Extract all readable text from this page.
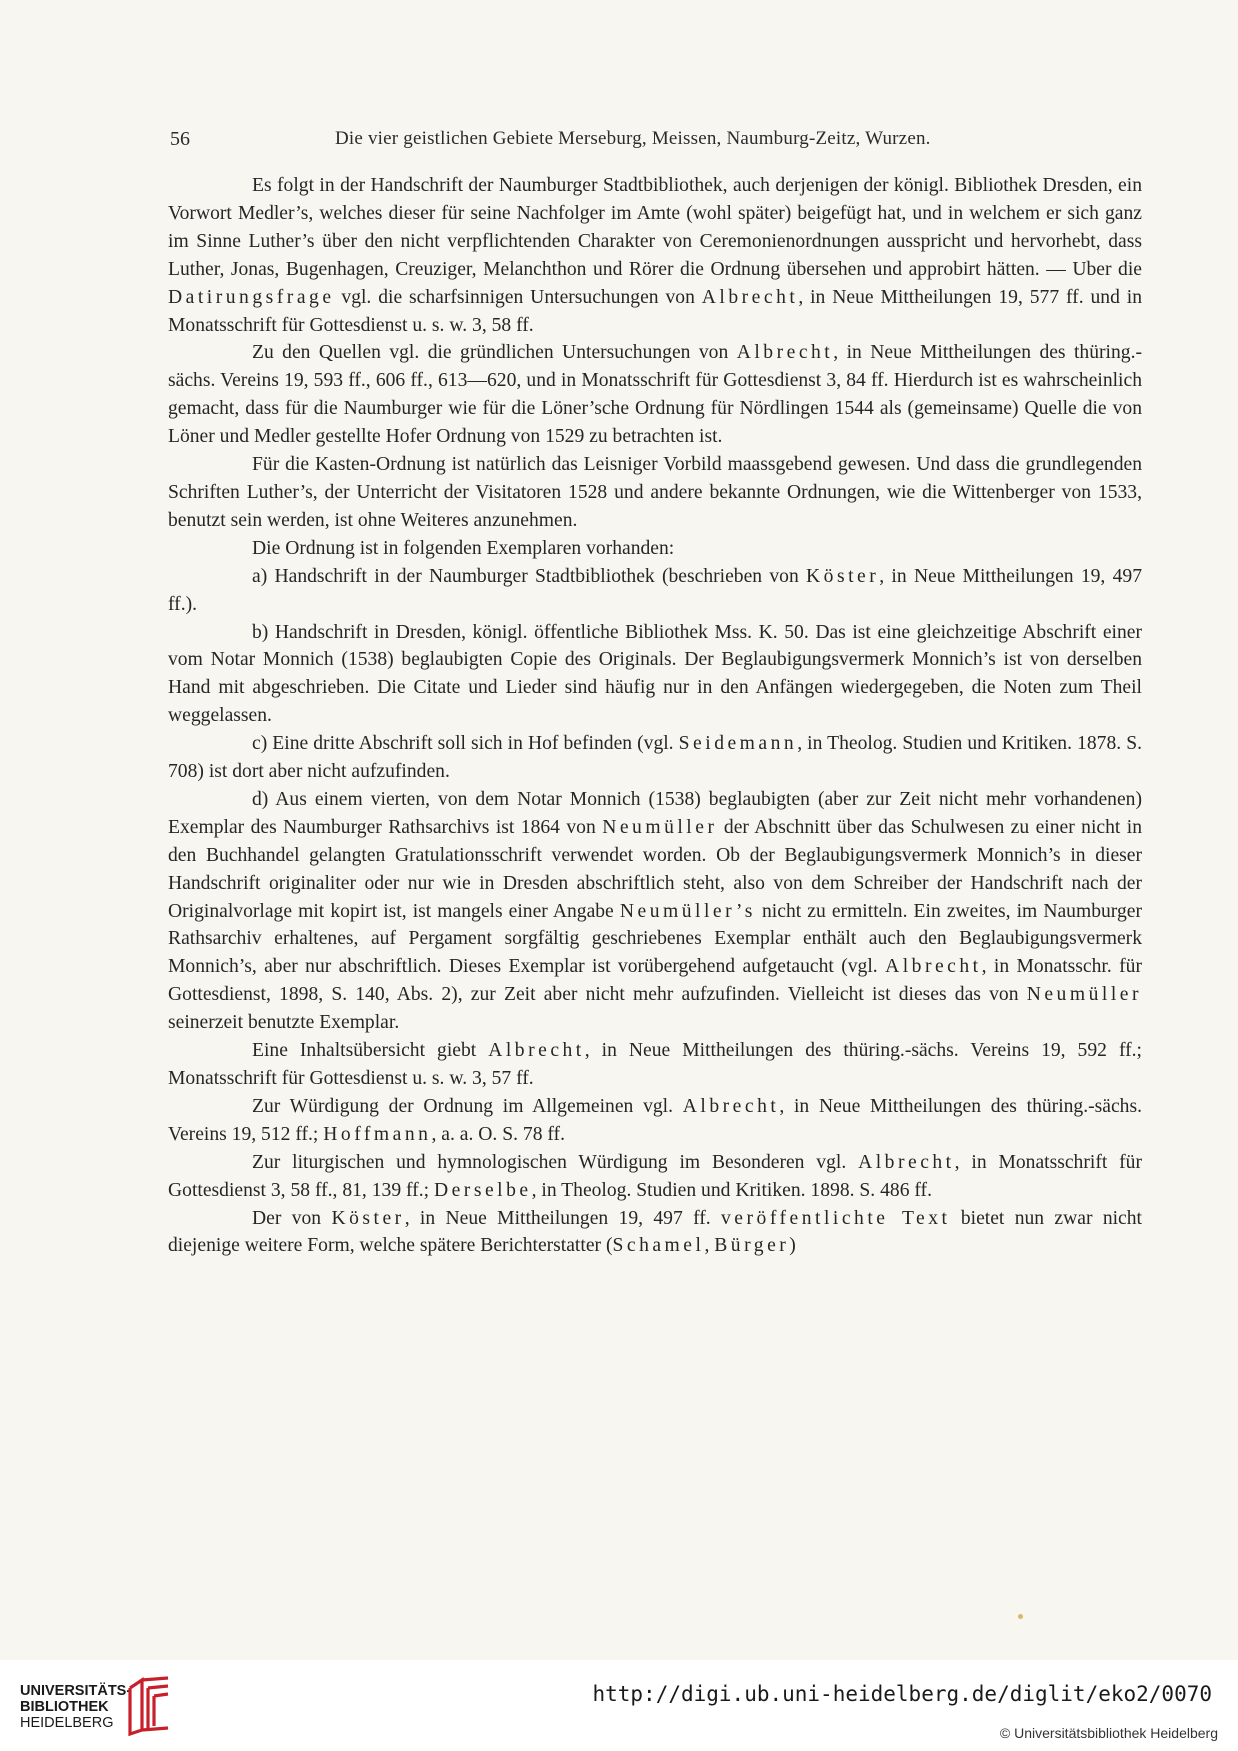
56	Die vier geistlichen Gebiete Merseburg, Meissen, Naumburg-Zeitz, Wurzen.

Es folgt in der Handschrift der Naumburger Stadtbibliothek, auch derjenigen der königl. Bibliothek Dresden, ein Vorwort Medler’s, welches dieser für seine Nachfolger im Amte (wohl später) beigefügt hat, und in welchem er sich ganz im Sinne Luther’s über den nicht verpflichtenden Charakter von Ceremonienordnungen ausspricht und hervorhebt, dass Luther, Jonas, Bugenhagen, Creuziger, Melanchthon und Rörer die Ordnung übersehen und approbirt hätten. — Uber die Datirungsfrage vgl. die scharfsinnigen Untersuchungen von Albrecht, in Neue Mittheilungen 19, 577 ff. und in Monatsschrift für Gottesdienst u. s. w. 3, 58 ff.

Zu den Quellen vgl. die gründlichen Untersuchungen von Albrecht, in Neue Mittheilungen des thüring.-sächs. Vereins 19, 593 ff., 606 ff., 613—620, und in Monatsschrift für Gottesdienst 3, 84 ff. Hierdurch ist es wahrscheinlich gemacht, dass für die Naumburger wie für die Löner’sche Ordnung für Nördlingen 1544 als (gemeinsame) Quelle die von Löner und Medler gestellte Hofer Ordnung von 1529 zu betrachten ist.

Für die Kasten-Ordnung ist natürlich das Leisniger Vorbild maassgebend gewesen. Und dass die grundlegenden Schriften Luther’s, der Unterricht der Visitatoren 1528 und andere bekannte Ordnungen, wie die Wittenberger von 1533, benutzt sein werden, ist ohne Weiteres anzunehmen.

Die Ordnung ist in folgenden Exemplaren vorhanden:

a) Handschrift in der Naumburger Stadtbibliothek (beschrieben von Köster, in Neue Mittheilungen 19, 497 ff.).

b) Handschrift in Dresden, königl. öffentliche Bibliothek Mss. K. 50. Das ist eine gleichzeitige Abschrift einer vom Notar Monnich (1538) beglaubigten Copie des Originals. Der Beglaubigungsvermerk Monnich’s ist von derselben Hand mit abgeschrieben. Die Citate und Lieder sind häufig nur in den Anfängen wiedergegeben, die Noten zum Theil weggelassen.

c) Eine dritte Abschrift soll sich in Hof befinden (vgl. Seidemann, in Theolog. Studien und Kritiken. 1878. S. 708) ist dort aber nicht aufzufinden.

d) Aus einem vierten, von dem Notar Monnich (1538) beglaubigten (aber zur Zeit nicht mehr vorhandenen) Exemplar des Naumburger Rathsarchivs ist 1864 von Neumüller der Abschnitt über das Schulwesen zu einer nicht in den Buchhandel gelangten Gratulationsschrift verwendet worden. Ob der Beglaubigungsvermerk Monnich’s in dieser Handschrift originaliter oder nur wie in Dresden abschriftlich steht, also von dem Schreiber der Handschrift nach der Originalvorlage mit kopirt ist, ist mangels einer Angabe Neumüller’s nicht zu ermitteln. Ein zweites, im Naumburger Rathsarchiv erhaltenes, auf Pergament sorgfältig geschriebenes Exemplar enthält auch den Beglaubigungsvermerk Monnich’s, aber nur abschriftlich. Dieses Exemplar ist vorübergehend aufgetaucht (vgl. Albrecht, in Monatsschr. für Gottesdienst, 1898, S. 140, Abs. 2), zur Zeit aber nicht mehr aufzufinden. Vielleicht ist dieses das von Neumüller seinerzeit benutzte Exemplar.

Eine Inhaltsübersicht giebt Albrecht, in Neue Mittheilungen des thüring.-sächs. Vereins 19, 592 ff.; Monatsschrift für Gottesdienst u. s. w. 3, 57 ff.

Zur Würdigung der Ordnung im Allgemeinen vgl. Albrecht, in Neue Mittheilungen des thüring.-sächs. Vereins 19, 512 ff.; Hoffmann, a. a. O. S. 78 ff.

Zur liturgischen und hymnologischen Würdigung im Besonderen vgl. Albrecht, in Monatsschrift für Gottesdienst 3, 58 ff., 81, 139 ff.; Derselbe, in Theolog. Studien und Kritiken. 1898. S. 486 ff.

Der von Köster, in Neue Mittheilungen 19, 497 ff. veröffentlichte Text bietet nun zwar nicht diejenige weitere Form, welche spätere Berichterstatter (Schamel, Bürger)

UNIVERSITÄTS-
BIBLIOTHEK
HEIDELBERG
http://digi.ub.uni-heidelberg.de/diglit/eko2/0070
© Universitätsbibliothek Heidelberg
